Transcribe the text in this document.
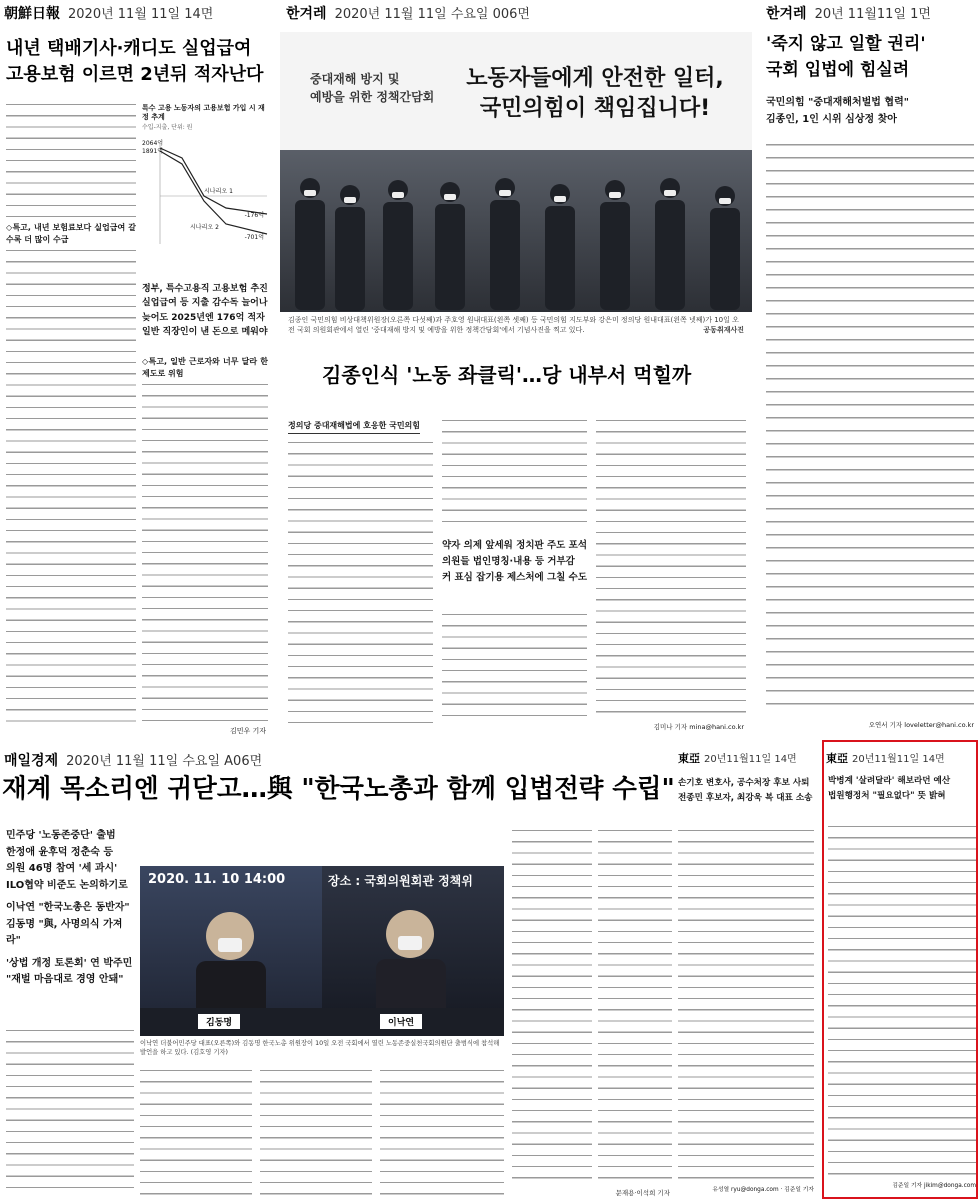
朝鮮日報 2020년 11월 11일 14면
내년 택배기사·캐디도 실업급여
고용보험 이르면 2년뒤 적자난다
◇특고, 내년 보험료보다 실업급여 갈수록 더 많이 수급
특수 고용 노동자의 고용보험 가입 시 재정 추계
수입-지출, 단위: 원
2064억
1891억
시나리오 1
시나리오 2
-176억
-701억
정부, 특수고용직 고용보험 추진 실업급여 등 지출 감수독 늘어나 늦어도 2025년엔 176억 적자 일반 직장인이 낸 돈으로 메워야
◇특고, 일반 근로자와 너무 달라 한 제도로 위험
김민우 기자
한겨레 2020년 11월 11일 수요일 006면
중대재해 방지 및
예방을 위한 정책간담회
노동자들에게 안전한 일터,
국민의힘이 책임집니다!
김종인 국민의힘 비상대책위원장(오른쪽 다섯째)과 주호영 원내대표(왼쪽 셋째) 등 국민의힘 지도부와 강은미 정의당 원내대표(왼쪽 넷째)가 10일 오전 국회 의원회관에서 열린 '중대재해 방지 및 예방을 위한 정책간담회'에서 기념사진을 찍고 있다.	공동취재사진
김종인식 '노동 좌클릭'…당 내부서 먹힐까
정의당 중대재해법에 호응한 국민의힘
약자 의제 앞세워 정치판 주도 포석 의원들 법인명칭·내용 등 거부감 커 표심 잡기용 제스처에 그칠 수도
김미나 기자 mina@hani.co.kr
한겨레 20년 11월11일 1면
'죽지 않고 일할 권리'
국회 입법에 힘실려
국민의힘 "중대재해처벌법 협력"
김종인, 1인 시위 심상정 찾아
오연서 기자 loveletter@hani.co.kr
매일경제 2020년 11월 11일 수요일 A06면
재계 목소리엔 귀닫고…與 "한국노총과 함께 입법전략 수립"
민주당 '노동존중단' 출범
한정애 윤후덕 정춘숙 등
의원 46명 참여 '세 과시'
ILO협약 비준도 논의하기로
이낙연 "한국노총은 동반자"
김동명 "與, 사명의식 가져라"
'상법 개정 토론회' 연 박주민
"재벌 마음대로 경영 안돼"
2020. 11. 10 14:00	장소 : 국회의원회관 정책위
김동명	이낙연
이낙연 더불어민주당 대표(오른쪽)와 김동명 한국노총 위원장이 10일 오전 국회에서 열린 노동존중실천국회의원단 출범식에 참석해 발언을 하고 있다. (김호영 기자)
문재용·이석희 기자
東亞 20년11월11일 14면
손기호 변호사, 공수처장 후보 사퇴
전종민 후보자, 최강욱 복 대표 소송
유성열 ryu@donga.com · 김준일 기자
東亞 20년11월11일 14면
박병계 '살려달라' 해보라던 예산
법원행정처 "필요없다" 뜻 밝혀
김준일 기자 jikim@donga.com
